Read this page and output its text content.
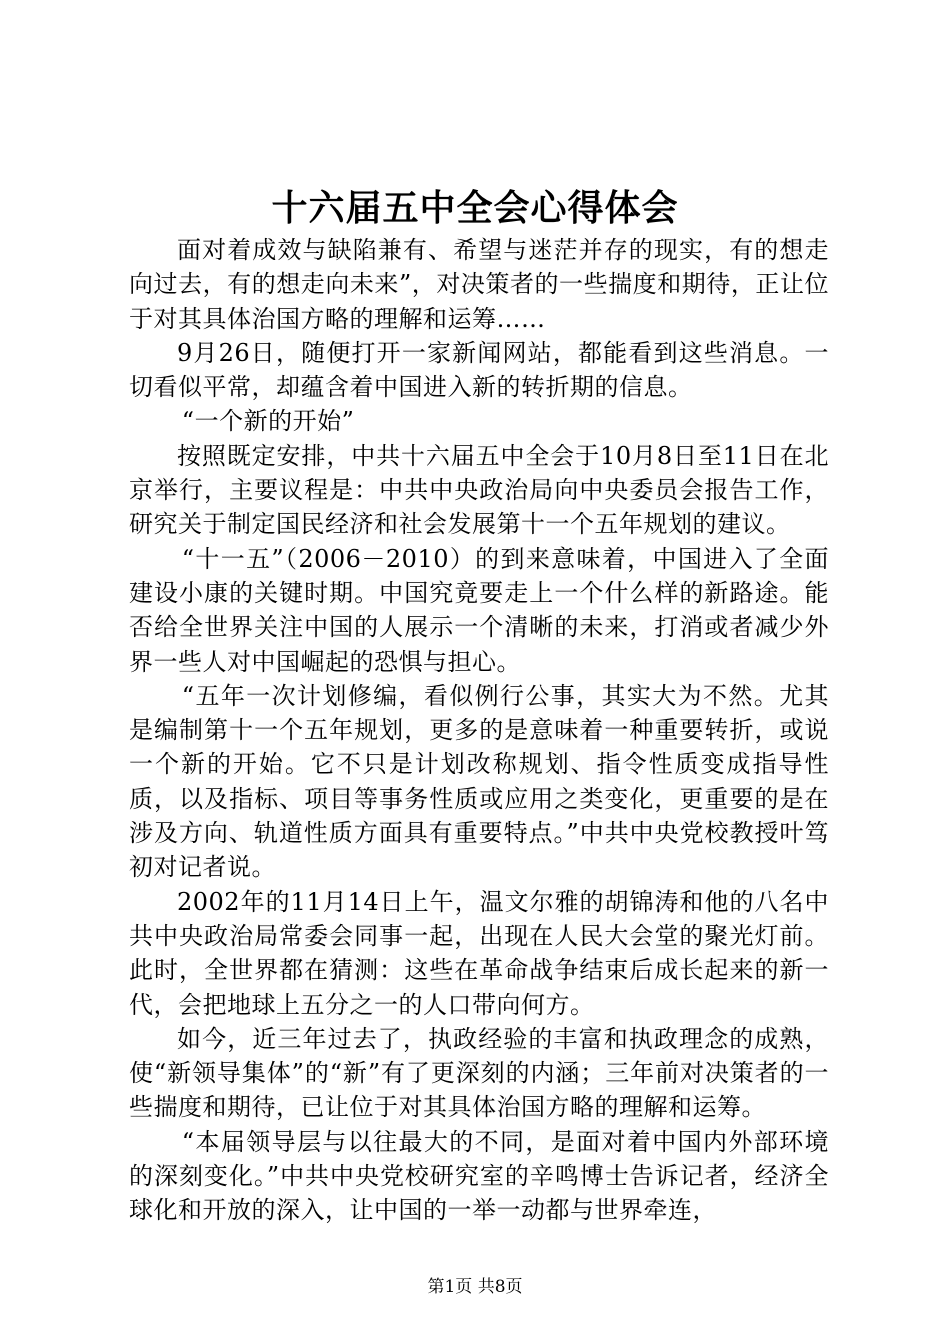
十六届五中全会心得体会

面对着成效与缺陷兼有、希望与迷茫并存的现实，有的想走向过去，有的想走向未来”，对决策者的一些揣度和期待，正让位于对其具体治国方略的理解和运筹……

9月26日，随便打开一家新闻网站，都能看到这些消息。一切看似平常，却蕴含着中国进入新的转折期的信息。

“一个新的开始”

按照既定安排，中共十六届五中全会于10月8日至11日在北京举行，主要议程是：中共中央政治局向中央委员会报告工作，研究关于制定国民经济和社会发展第十一个五年规划的建议。

“十一五”（2006－2010）的到来意味着，中国进入了全面建设小康的关键时期。中国究竟要走上一个什么样的新路途。能否给全世界关注中国的人展示一个清晰的未来，打消或者减少外界一些人对中国崛起的恐惧与担心。

“五年一次计划修编，看似例行公事，其实大为不然。尤其是编制第十一个五年规划，更多的是意味着一种重要转折，或说一个新的开始。它不只是计划改称规划、指令性质变成指导性质，以及指标、项目等事务性质或应用之类变化，更重要的是在涉及方向、轨道性质方面具有重要特点。”中共中央党校教授叶笃初对记者说。

2002年的11月14日上午，温文尔雅的胡锦涛和他的八名中共中央政治局常委会同事一起，出现在人民大会堂的聚光灯前。此时，全世界都在猜测：这些在革命战争结束后成长起来的新一代，会把地球上五分之一的人口带向何方。

如今，近三年过去了，执政经验的丰富和执政理念的成熟，使“新领导集体”的“新”有了更深刻的内涵；三年前对决策者的一些揣度和期待，已让位于对其具体治国方略的理解和运筹。

“本届领导层与以往最大的不同，是面对着中国内外部环境的深刻变化。”中共中央党校研究室的辛鸣博士告诉记者，经济全球化和开放的深入，让中国的一举一动都与世界牵连，

第1页 共8页
